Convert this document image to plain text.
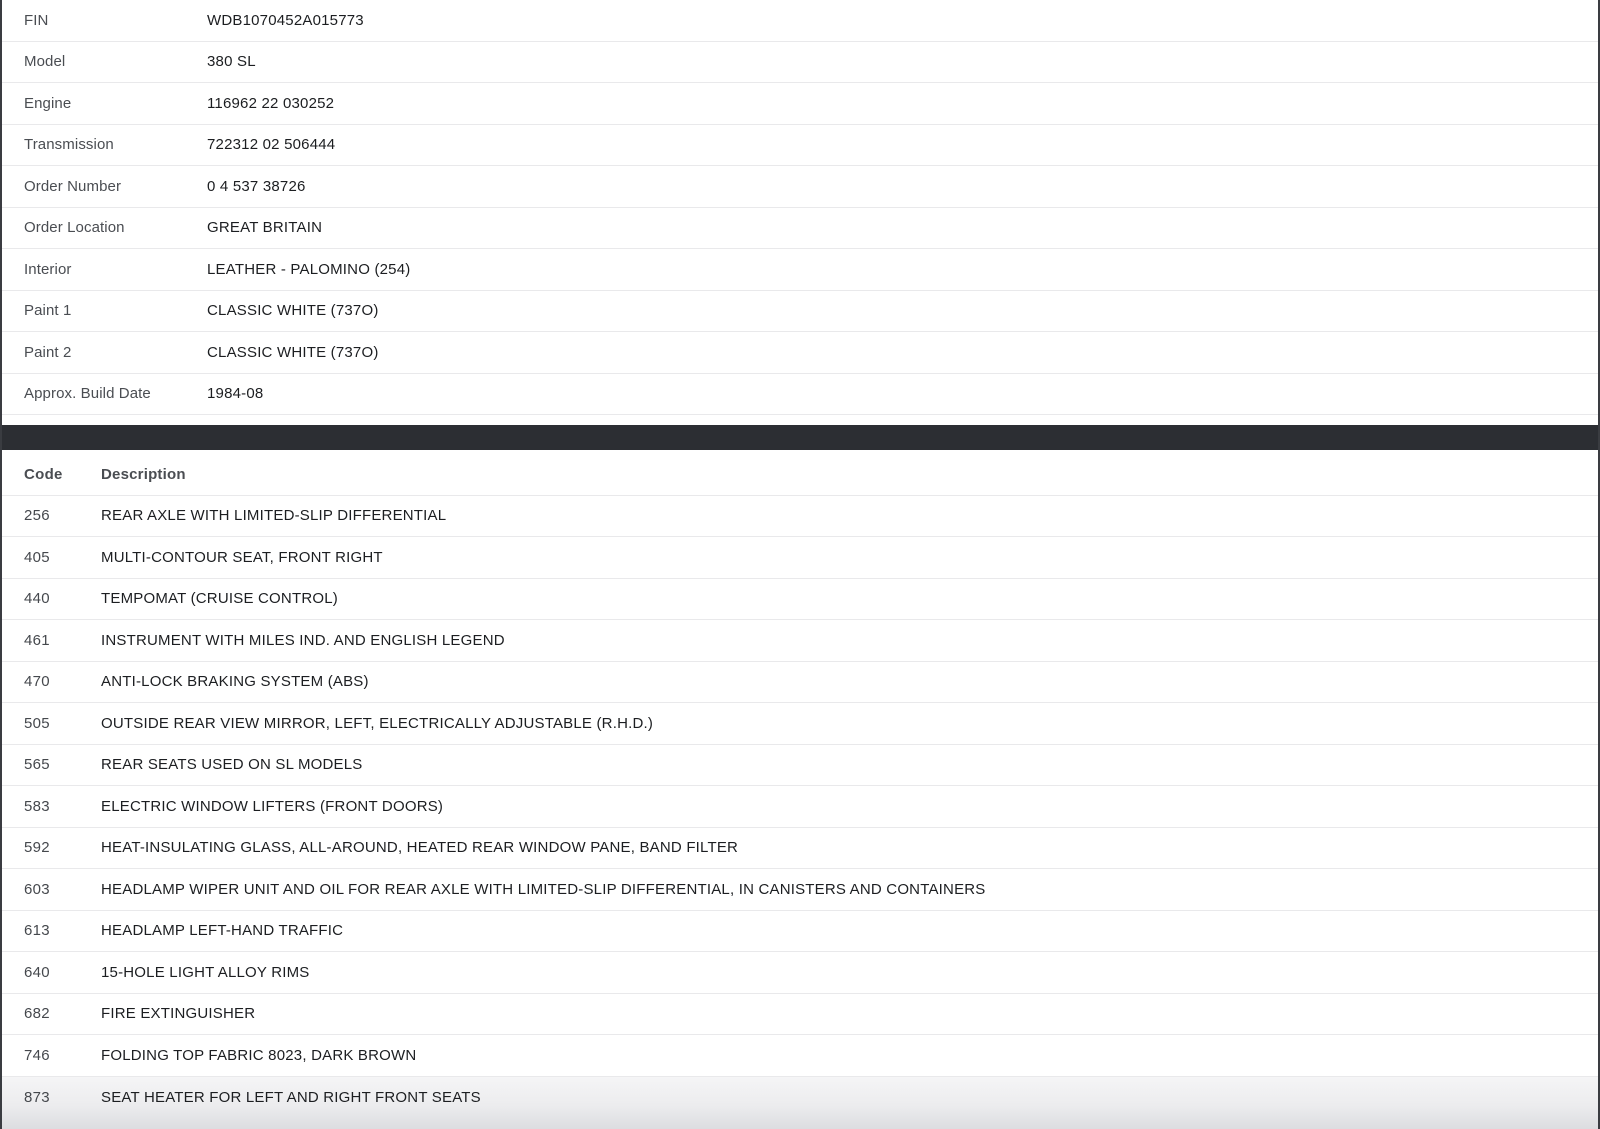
FIN	WDB1070452A015773
Model	380 SL
Engine	116962 22 030252
Transmission	722312 02 506444
Order Number	0 4 537 38726
Order Location	GREAT BRITAIN
Interior	LEATHER - PALOMINO (254)
Paint 1	CLASSIC WHITE (737O)
Paint 2	CLASSIC WHITE (737O)
Approx. Build Date	1984-08
Code	Description
256	REAR AXLE WITH LIMITED-SLIP DIFFERENTIAL
405	MULTI-CONTOUR SEAT, FRONT RIGHT
440	TEMPOMAT (CRUISE CONTROL)
461	INSTRUMENT WITH MILES IND. AND ENGLISH LEGEND
470	ANTI-LOCK BRAKING SYSTEM (ABS)
505	OUTSIDE REAR VIEW MIRROR, LEFT, ELECTRICALLY ADJUSTABLE (R.H.D.)
565	REAR SEATS USED ON SL MODELS
583	ELECTRIC WINDOW LIFTERS (FRONT DOORS)
592	HEAT-INSULATING GLASS, ALL-AROUND, HEATED REAR WINDOW PANE, BAND FILTER
603	HEADLAMP WIPER UNIT AND OIL FOR REAR AXLE WITH LIMITED-SLIP DIFFERENTIAL, IN CANISTERS AND CONTAINERS
613	HEADLAMP LEFT-HAND TRAFFIC
640	15-HOLE LIGHT ALLOY RIMS
682	FIRE EXTINGUISHER
746	FOLDING TOP FABRIC 8023, DARK BROWN
873	SEAT HEATER FOR LEFT AND RIGHT FRONT SEATS
